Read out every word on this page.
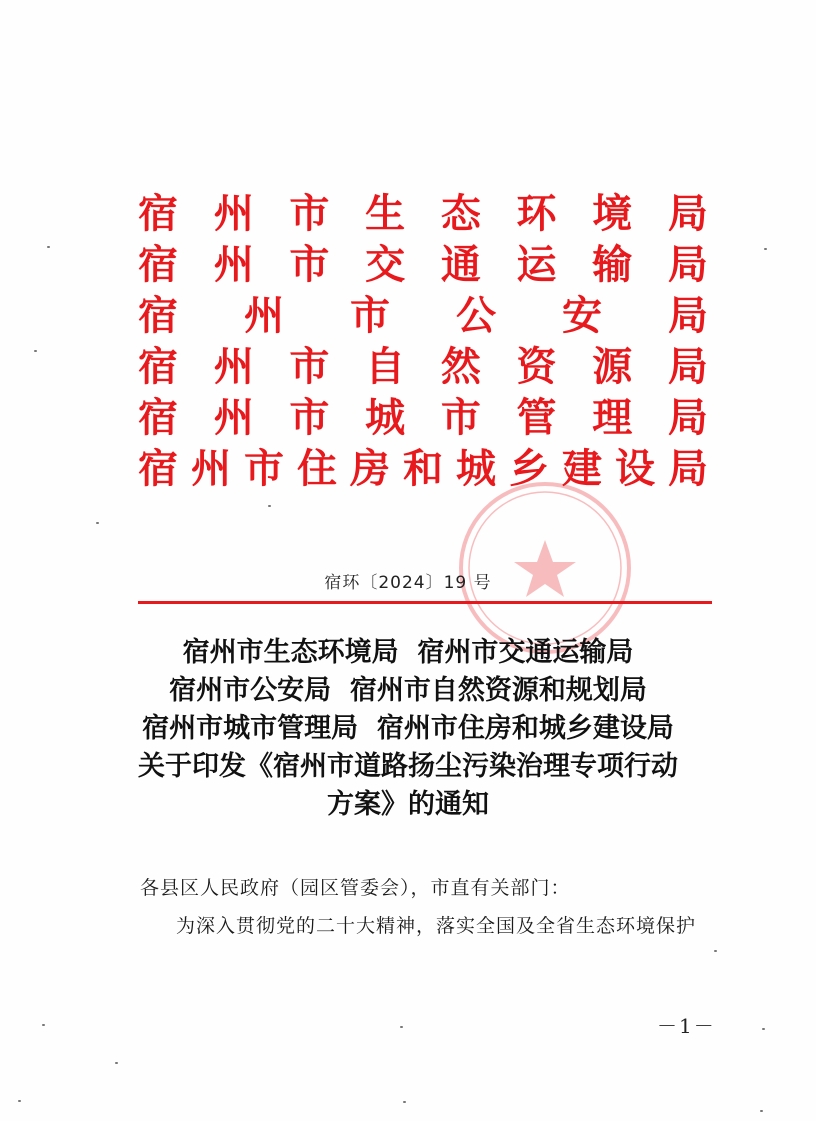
宿 州 市 生 态 环 境 局
宿 州 市 交 通 运 输 局
宿 州 市 公 安 局
宿 州 市 自 然 资 源 局
宿 州 市 城 市 管 理 局
宿 州 市 住 房 和 城 乡 建 设 局
宿环〔2024〕19 号
宿州市生态环境局  宿州市交通运输局
宿州市公安局  宿州市自然资源和规划局
宿州市城市管理局  宿州市住房和城乡建设局
关于印发《宿州市道路扬尘污染治理专项行动
方案》的通知
各县区人民政府（园区管委会），市直有关部门：
为深入贯彻党的二十大精神，落实全国及全省生态环境保护
－1－
